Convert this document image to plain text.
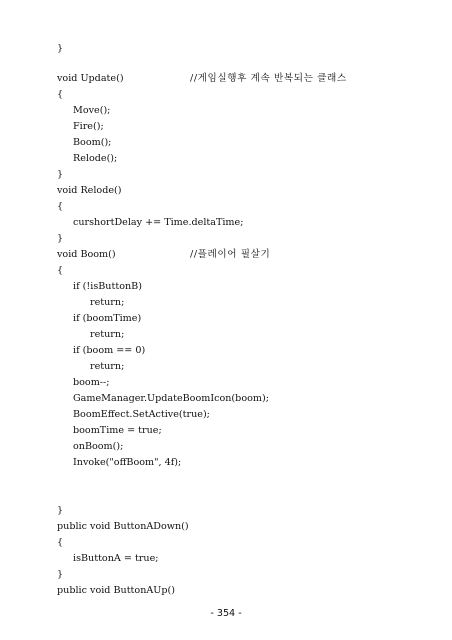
}
void Update()	//게임실행후 계속 반복되는 클래스
{
Move();
Fire();
Boom();
Relode();
}
void Relode()
{
curshortDelay += Time.deltaTime;
}
void Boom()	//플레이어 필살기
{
if (!isButtonB)
return;
if (boomTime)
return;
if (boom == 0)
return;
boom--;
GameManager.UpdateBoomIcon(boom);
BoomEffect.SetActive(true);
boomTime = true;
onBoom();
Invoke("offBoom", 4f);
}
public void ButtonADown()
{
isButtonA = true;
}
public void ButtonAUp()
- 354 -
